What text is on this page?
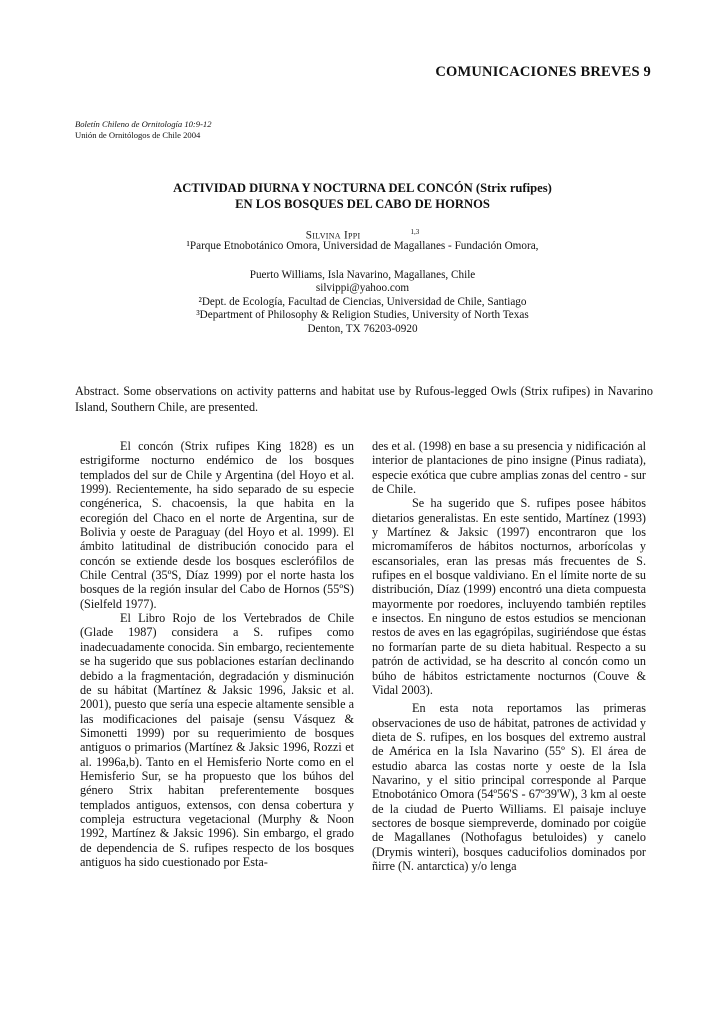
COMUNICACIONES BREVES 9
Boletín Chileno de Ornitología 10:9-12
Unión de Ornitólogos de Chile 2004
ACTIVIDAD DIURNA Y NOCTURNA DEL CONCÓN (Strix rufipes)
EN LOS BOSQUES DEL CABO DE HORNOS
Silvina Ippi	$^{1,3}$
¹Parque Etnobotánico Omora, Universidad de Magallanes - Fundación Omora,
Puerto Williams, Isla Navarino, Magallanes, Chile
silvippi@yahoo.com
²Dept. de Ecología, Facultad de Ciencias, Universidad de Chile, Santiago
³Department of Philosophy & Religion Studies, University of North Texas
Denton, TX 76203-0920
Abstract. Some observations on activity patterns and habitat use by Rufous-legged Owls (Strix rufipes) in Navarino Island, Southern Chile, are presented.

El concón (Strix rufipes King 1828) es un estrigiforme nocturno endémico de los bosques templados del sur de Chile y Argentina (del Hoyo et al. 1999). Recientemente, ha sido separado de su especie congénerica, S. chacoensis, la que habita en la ecoregión del Chaco en el norte de Argentina, sur de Bolivia y oeste de Paraguay (del Hoyo et al. 1999). El ámbito latitudinal de distribución conocido para el concón se extiende desde los bosques esclerófilos de Chile Central (35ºS, Díaz 1999) por el norte hasta los bosques de la región insular del Cabo de Hornos (55ºS) (Sielfeld 1977).

El Libro Rojo de los Vertebrados de Chile (Glade 1987) considera a S. rufipes como inadecuadamente conocida. Sin embargo, recientemente se ha sugerido que sus poblaciones estarían declinando debido a la fragmentación, degradación y disminución de su hábitat (Martínez & Jaksic 1996, Jaksic et al. 2001), puesto que sería una especie altamente sensible a las modificaciones del paisaje (sensu Vásquez & Simonetti 1999) por su requerimiento de bosques antiguos o primarios (Martínez & Jaksic 1996, Rozzi et al. 1996a,b). Tanto en el Hemisferio Norte como en el Hemisferio Sur, se ha propuesto que los búhos del género Strix habitan preferentemente bosques templados antiguos, extensos, con densa cobertura y compleja estructura vegetacional (Murphy & Noon 1992, Martínez & Jaksic 1996). Sin embargo, el grado de dependencia de S. rufipes respecto de los bosques antiguos ha sido cuestionado por Esta-

des et al. (1998) en base a su presencia y nidificación al interior de plantaciones de pino insigne (Pinus radiata), especie exótica que cubre amplias zonas del centro - sur de Chile.

Se ha sugerido que S. rufipes posee hábitos dietarios generalistas. En este sentido, Martínez (1993) y Martínez & Jaksic (1997) encontraron que los micromamíferos de hábitos nocturnos, arborícolas y escansoriales, eran las presas más frecuentes de S. rufipes en el bosque valdiviano. En el límite norte de su distribución, Díaz (1999) encontró una dieta compuesta mayormente por roedores, incluyendo también reptiles e insectos. En ninguno de estos estudios se mencionan restos de aves en las egagrópilas, sugiriéndose que éstas no formarían parte de su dieta habitual. Respecto a su patrón de actividad, se ha descrito al concón como un búho de hábitos estrictamente nocturnos (Couve & Vidal 2003).

En esta nota reportamos las primeras observaciones de uso de hábitat, patrones de actividad y dieta de S. rufipes, en los bosques del extremo austral de América en la Isla Navarino (55º S). El área de estudio abarca las costas norte y oeste de la Isla Navarino, y el sitio principal corresponde al Parque Etnobotánico Omora (54º56'S - 67º39'W), 3 km al oeste de la ciudad de Puerto Williams. El paisaje incluye sectores de bosque siempreverde, dominado por coigüe de Magallanes (Nothofagus betuloides) y canelo (Drymis winteri), bosques caducifolios dominados por ñirre (N. antarctica) y/o lenga
